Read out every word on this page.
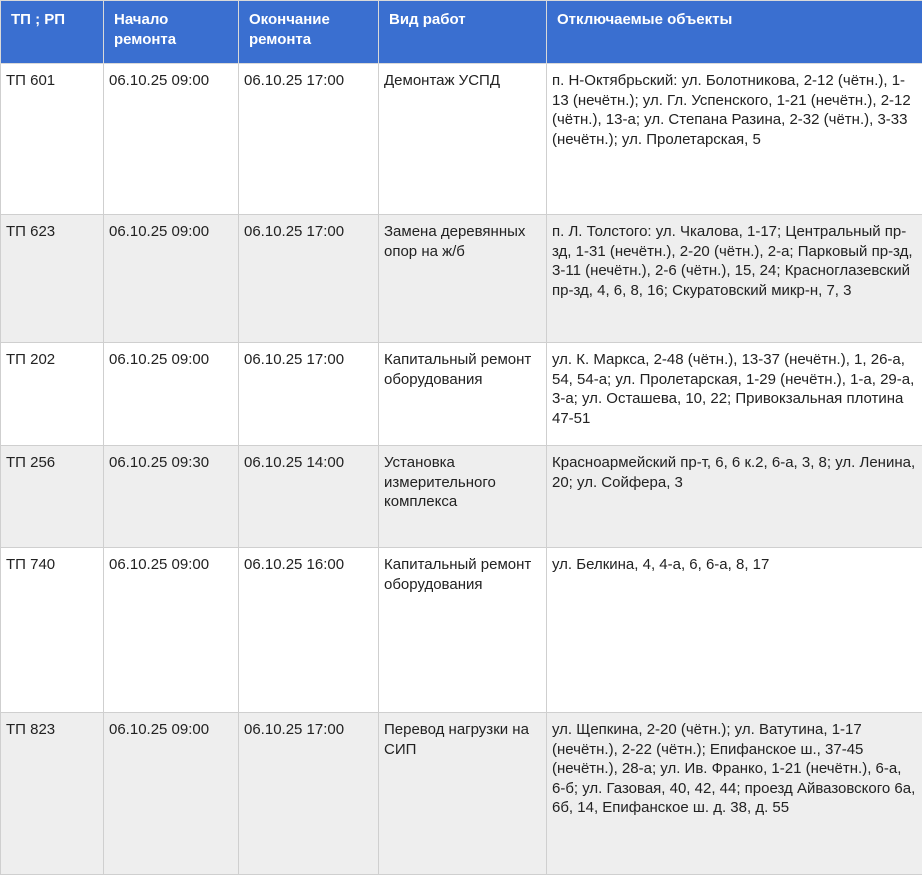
ТП ; РП	Начало ремонта	Окончание ремонта	Вид работ	Отключаемые объекты
ТП 601	06.10.25 09:00	06.10.25 17:00	Демонтаж УСПД	п. Н-Октябрьский: ул. Болотникова, 2-12 (чётн.), 1-13 (нечётн.); ул. Гл. Успенского, 1-21 (нечётн.), 2-12 (чётн.), 13-а; ул. Степана Разина, 2-32 (чётн.), 3-33 (нечётн.); ул. Пролетарская, 5
ТП 623	06.10.25 09:00	06.10.25 17:00	Замена деревянных опор на ж/б	п. Л. Толстого: ул. Чкалова, 1-17; Центральный пр-зд, 1-31 (нечётн.), 2-20 (чётн.), 2-а; Парковый пр-зд, 3-11 (нечётн.), 2-6 (чётн.), 15, 24; Красноглазевский пр-зд, 4, 6, 8, 16; Скуратовский микр-н, 7, 3
ТП 202	06.10.25 09:00	06.10.25 17:00	Капитальный ремонт оборудования	ул. К. Маркса, 2-48 (чётн.), 13-37 (нечётн.), 1, 26-а, 54, 54-а; ул. Пролетарская, 1-29 (нечётн.), 1-а, 29-а, 3-а; ул. Осташева, 10, 22; Привокзальная плотина 47-51
ТП 256	06.10.25 09:30	06.10.25 14:00	Установка измерительного комплекса	Красноармейский пр-т, 6, 6 к.2, 6-а, 3, 8; ул. Ленина, 20; ул. Сойфера, 3
ТП 740	06.10.25 09:00	06.10.25 16:00	Капитальный ремонт оборудования	ул. Белкина, 4, 4-а, 6, 6-а, 8, 17
ТП 823	06.10.25 09:00	06.10.25 17:00	Перевод нагрузки на СИП	ул. Щепкина, 2-20 (чётн.); ул. Ватутина, 1-17 (нечётн.), 2-22 (чётн.); Епифанское ш., 37-45 (нечётн.), 28-а; ул. Ив. Франко, 1-21 (нечётн.), 6-а, 6-б; ул. Газовая, 40, 42, 44; проезд Айвазовского 6а, 6б, 14, Епифанское ш. д. 38, д. 55
